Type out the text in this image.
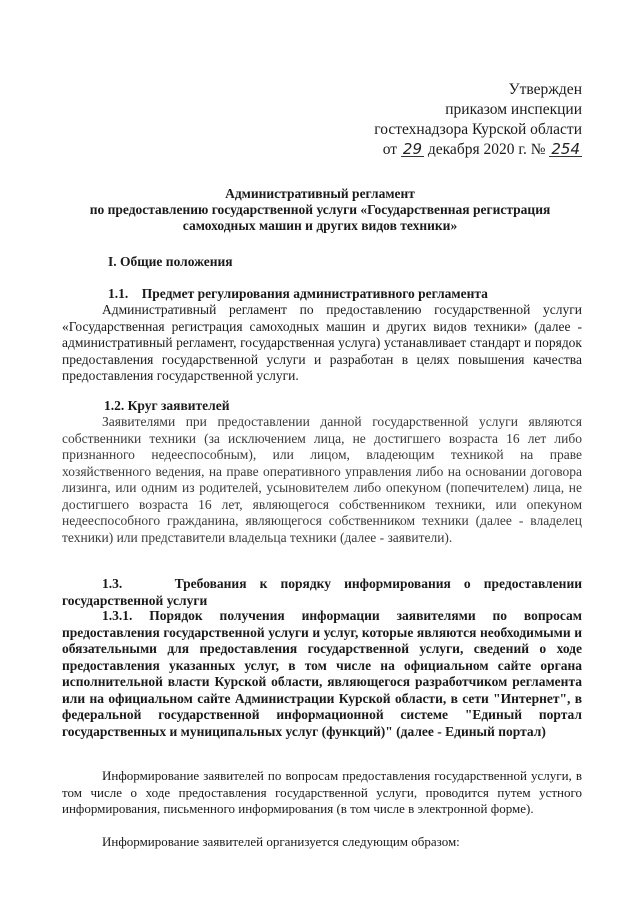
Утвержден
приказом инспекции
гостехнадзора Курской области
от 29 декабря 2020 г. № 254
Административный регламент
по предоставлению государственной услуги «Государственная регистрация
самоходных машин и других видов техники»
I. Общие положения
1.1.    Предмет регулирования административного регламента
Административный регламент по предоставлению государственной услуги «Государственная регистрация самоходных машин и других видов техники» (далее - административный регламент, государственная услуга) устанавливает стандарт и порядок предоставления государственной услуги и разработан в целях повышения качества предоставления государственной услуги.
1.2. Круг заявителей
Заявителями при предоставлении данной государственной услуги являются собственники техники (за исключением лица, не достигшего возраста 16 лет либо признанного недееспособным), или лицом, владеющим техникой на праве хозяйственного ведения, на праве оперативного управления либо на основании договора лизинга, или одним из родителей, усыновителем либо опекуном (попечителем) лица, не достигшего возраста 16 лет, являющегося собственником техники, или опекуном недееспособного гражданина, являющегося собственником техники (далее - владелец техники) или представители владельца техники (далее - заявители).
1.3.    Требования к порядку информирования о предоставлении государственной услуги
1.3.1. Порядок получения информации заявителями по вопросам предоставления государственной услуги и услуг, которые являются необходимыми и обязательными для предоставления государственной услуги, сведений о ходе предоставления указанных услуг, в том числе на официальном сайте органа исполнительной власти Курской области, являющегося разработчиком регламента или на официальном сайте Администрации Курской области, в сети "Интернет", в федеральной государственной информационной системе "Единый портал государственных и муниципальных услуг (функций)" (далее - Единый портал)
Информирование заявителей по вопросам предоставления государственной услуги, в том числе о ходе предоставления государственной услуги, проводится путем устного информирования, письменного информирования (в том числе в электронной форме).
Информирование заявителей организуется следующим образом:
